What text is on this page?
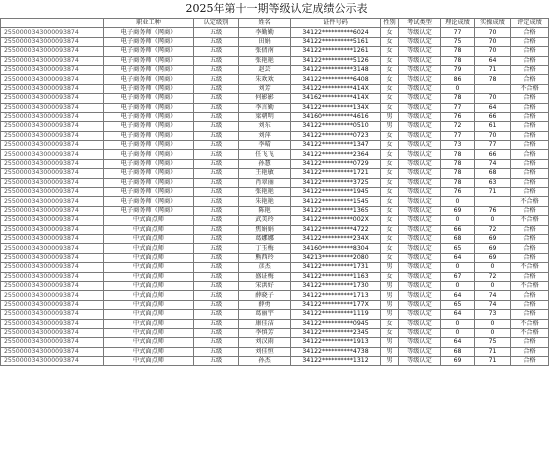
2025年第十一期等级认定成绩公示表
	职业工种	认定级别	姓名	证件号码	性别	考试类型	理论成绩	实操成绩	评定成绩
2550000343000093874	电子商务师（网商）	五级	李勤勤	34122**********6024	女	等级认定	77	70	合格
2550000343000093874	电子商务师（网商）	五级	田娟	34122**********5161	女	等级认定	75	70	合格
2550000343000093874	电子商务师（网商）	五级	张倩南	34122**********1261	女	等级认定	78	70	合格
2550000343000093874	电子商务师（网商）	五级	张艳艳	34122**********5126	女	等级认定	78	64	合格
2550000343000093874	电子商务师（网商）	五级	赵芸	34122**********3148	女	等级认定	79	71	合格
2550000343000093874	电子商务师（网商）	五级	朱欢欢	34122**********6408	女	等级认定	86	78	合格
2550000343000093874	电子商务师（网商）	五级	刘芳	34122**********414X	女	等级认定	0		不合格
2550000343000093874	电子商务师（网商）	五级	何影影	34162**********414X	女	等级认定	78	70	合格
2550000343000093874	电子商务师（网商）	五级	李言勤	34122**********134X	女	等级认定	77	64	合格
2550000343000093874	电子商务师（网商）	五级	梁朝明	34160**********4616	男	等级认定	76	66	合格
2550000343000093874	电子商务师（网商）	五级	刘东	34122**********0510	男	等级认定	72	61	合格
2550000343000093874	电子商务师（网商）	五级	刘萍	34122**********0723	女	等级认定	77	70	合格
2550000343000093874	电子商务师（网商）	五级	李晴	34122**********1347	女	等级认定	73	77	合格
2550000343000093874	电子商务师（网商）	五级	任飞飞	34122**********2364	女	等级认定	78	66	合格
2550000343000093874	电子商务师（网商）	五级	孙慧	34122**********0729	女	等级认定	78	74	合格
2550000343000093874	电子商务师（网商）	五级	王艳敏	34122**********1721	女	等级认定	78	68	合格
2550000343000093874	电子商务师（网商）	五级	肖翠丽	34122**********3725	女	等级认定	78	63	合格
2550000343000093874	电子商务师（网商）	五级	张艳艳	34122**********1945	女	等级认定	76	71	合格
2550000343000093874	电子商务师（网商）	五级	朱艳艳	34122**********1545	女	等级认定	0		不合格
2550000343000093874	电子商务师（网商）	五级	陈艳	34122**********1365	女	等级认定	69	76	合格
2550000343000093874	中式面点师	五级	武美玲	34122**********002X	女	等级认定	0	0	不合格
2550000343000093874	中式面点师	五级	焦娟娟	34122**********4722	女	等级认定	66	72	合格
2550000343000093874	中式面点师	五级	葛娜娜	34122**********234X	女	等级认定	68	69	合格
2550000343000093874	中式面点师	五级	丁玉梅	34160**********8304	女	等级认定	65	69	合格
2550000343000093874	中式面点师	五级	熊西玲	34213**********2080	女	等级认定	64	69	合格
2550000343000093874	中式面点师	五级	彦杰	34122**********1731	男	等级认定	0	0	不合格
2550000343000093874	中式面点师	五级	盛证梅	34122**********1163	女	等级认定	67	72	合格
2550000343000093874	中式面点师	五级	宋洪好	34122**********1730	男	等级认定	0	0	不合格
2550000343000093874	中式面点师	五级	薛晓子	34122**********1713	男	等级认定	64	74	合格
2550000343000093874	中式面点师	五级	薛勇	34122**********177X	男	等级认定	65	74	合格
2550000343000093874	中式面点师	五级	葛丽宇	34122**********1119	男	等级认定	64	73	合格
2550000343000093874	中式面点师	五级	康佳洁	34122**********0945	女	等级认定	0	0	不合格
2550000343000093874	中式面点师	五级	李慎芳	34122**********2345	女	等级认定	0	0	不合格
2550000343000093874	中式面点师	五级	刘汉雨	34122**********1913	男	等级认定	64	75	合格
2550000343000093874	中式面点师	五级	刘佳恒	34122**********4738	男	等级认定	68	71	合格
2550000343000093874	中式面点师	五级	孙杰	34122**********1312	男	等级认定	69	71	合格
